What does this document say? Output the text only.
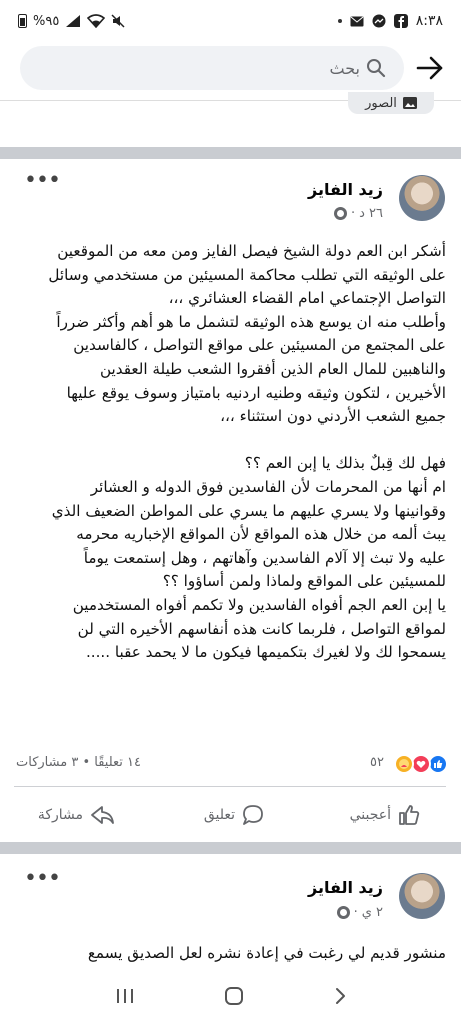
%٩٥	٨:٣٨
بحث
الصور
زيد الفايز
٢٦ د
·
•••
أشكر ابن العم دولة الشيخ فيصل الفايز ومن معه من الموقعين
على الوثيقه التي تطلب محاكمة المسيئين من مستخدمي وسائل
التواصل الإجتماعي امام القضاء العشائري ،،،
وأطلب منه ان يوسع هذه الوثيقه لتشمل ما هو أهم وأكثر ضرراً
على المجتمع من المسيئين على مواقع التواصل ، كالفاسدين
والناهبين للمال العام الذين أفقروا الشعب طيلة العقدين
الأخيرين ، لتكون وثيقه وطنيه اردنيه بامتياز وسوف يوقع عليها
جميع الشعب الأردني دون استثناء ،،،
فهل لك قِبلٌ بذلك يا إبن العم ؟؟
ام أنها من المحرمات لأن الفاسدين فوق الدوله و العشائر
وقوانينها ولا يسري عليهم ما يسري على المواطن الضعيف الذي
يبث ألمه من خلال هذه المواقع لأن المواقع الإخباريه محرمه
عليه ولا تبث إلا آلام الفاسدين وآهاتهم ، وهل إستمعت يوماً
للمسيئين على المواقع ولماذا ولمن أساؤوا ؟؟
يا إبن العم الجم أفواه الفاسدين ولا تكمم أفواه المستخدمين
لمواقع التواصل ، فلربما كانت هذه أنفاسهم الأخيره التي لن
يسمحوا لك ولا لغيرك بتكميمها فيكون ما لا يحمد عقبا .....
٥٢
١٤ تعليقًا • ٣ مشاركات
أعجبني
تعليق
مشاركة
زيد الفايز
٢ ي
·
•••
منشور قديم لي رغبت في إعادة نشره لعل الصديق يسمع
